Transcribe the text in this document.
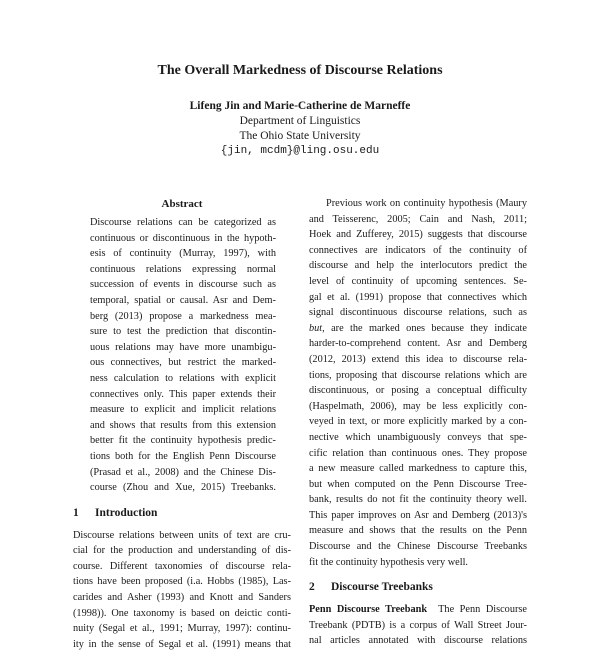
The Overall Markedness of Discourse Relations
Lifeng Jin and Marie-Catherine de Marneffe
Department of Linguistics
The Ohio State University
{jin, mcdm}@ling.osu.edu
Abstract
Discourse relations can be categorized as
continuous or discontinuous in the hypoth-
esis of continuity (Murray, 1997), with
continuous relations expressing normal
succession of events in discourse such as
temporal, spatial or causal. Asr and Dem-
berg (2013) propose a markedness mea-
sure to test the prediction that discontin-
uous relations may have more unambigu-
ous connectives, but restrict the marked-
ness calculation to relations with explicit
connectives only. This paper extends their
measure to explicit and implicit relations
and shows that results from this extension
better fit the continuity hypothesis predic-
tions both for the English Penn Discourse
(Prasad et al., 2008) and the Chinese Dis-
course (Zhou and Xue, 2015) Treebanks.
1 Introduction
Discourse relations between units of text are cru-
cial for the production and understanding of dis-
course. Different taxonomies of discourse rela-
tions have been proposed (i.a. Hobbs (1985), Las-
carides and Asher (1993) and Knott and Sanders
(1998)). One taxonomy is based on deictic conti-
nuity (Segal et al., 1991; Murray, 1997): continu-
ity in the sense of Segal et al. (1991) means that
Previous work on continuity hypothesis (Maury
and Teisserenc, 2005; Cain and Nash, 2011;
Hoek and Zufferey, 2015) suggests that discourse
connectives are indicators of the continuity of
discourse and help the interlocutors predict the
level of continuity of upcoming sentences. Se-
gal et al. (1991) propose that connectives which
signal discontinuous discourse relations, such as
but, are the marked ones because they indicate
harder-to-comprehend content. Asr and Demberg
(2012, 2013) extend this idea to discourse rela-
tions, proposing that discourse relations which are
discontinuous, or posing a conceptual difficulty
(Haspelmath, 2006), may be less explicitly con-
veyed in text, or more explicitly marked by a con-
nective which unambiguously conveys that spe-
cific relation than continuous ones. They propose
a new measure called markedness to capture this,
but when computed on the Penn Discourse Tree-
bank, results do not fit the continuity theory well.
This paper improves on Asr and Demberg (2013)'s
measure and shows that the results on the Penn
Discourse and the Chinese Discourse Treebanks
fit the continuity hypothesis very well.
2 Discourse Treebanks
Penn Discourse Treebank The Penn Discourse
Treebank (PDTB) is a corpus of Wall Street Jour-
nal articles annotated with discourse relations
